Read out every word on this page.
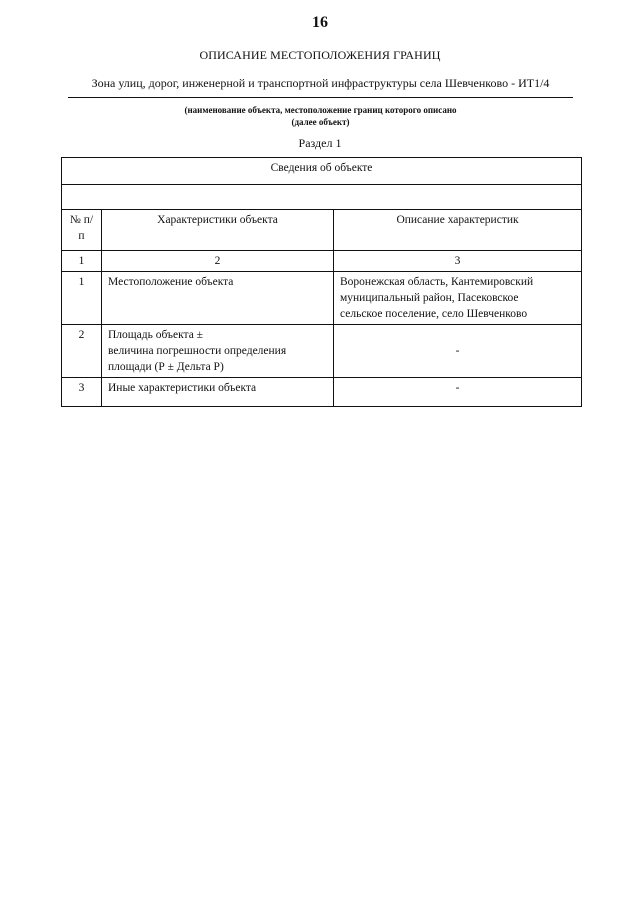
16
ОПИСАНИЕ МЕСТОПОЛОЖЕНИЯ ГРАНИЦ
Зона улиц, дорог, инженерной и транспортной инфраструктуры села Шевченково - ИТ1/4
(наименование объекта, местоположение границ которого описано
(далее объект)
Раздел 1
Сведения об объекте		

№ п/п	Характеристики объекта	Описание характеристик
1	2	3
1	Местоположение объекта	Воронежская область, Кантемировский
муниципальный район, Пасековское
сельское поселение, село Шевченково

2	Площадь объекта ±
величина погрешности определения
площади (Р ± Дельта Р)	-
3	Иные характеристики объекта	-
